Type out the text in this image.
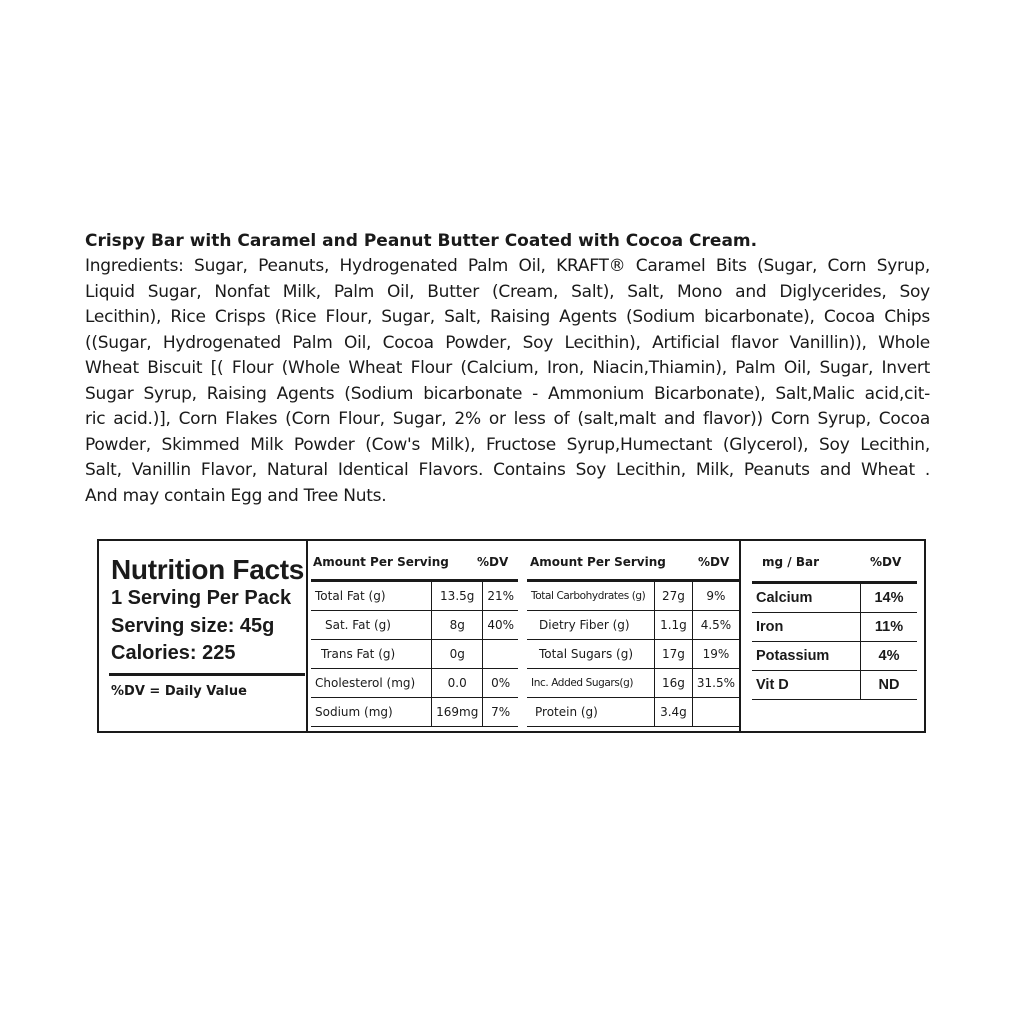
Crispy Bar with Caramel and Peanut Butter Coated with Cocoa Cream.
Ingredients: Sugar, Peanuts, Hydrogenated Palm Oil, KRAFT® Caramel Bits (Sugar, Corn Syrup,
Liquid Sugar, Nonfat Milk, Palm Oil, Butter (Cream, Salt), Salt, Mono and Diglycerides, Soy
Lecithin), Rice Crisps (Rice Flour, Sugar, Salt, Raising Agents (Sodium bicarbonate), Cocoa Chips
((Sugar, Hydrogenated Palm Oil, Cocoa Powder, Soy Lecithin), Artificial flavor Vanillin)), Whole
Wheat Biscuit [( Flour (Whole Wheat Flour (Calcium, Iron, Niacin,Thiamin), Palm Oil, Sugar, Invert
Sugar Syrup, Raising Agents (Sodium bicarbonate - Ammonium Bicarbonate), Salt,Malic acid,cit-
ric acid.)], Corn Flakes (Corn Flour, Sugar, 2% or less of (salt,malt and flavor)) Corn Syrup, Cocoa
Powder, Skimmed Milk Powder (Cow's Milk), Fructose Syrup,Humectant (Glycerol), Soy Lecithin,
Salt, Vanillin Flavor, Natural Identical Flavors. Contains Soy Lecithin, Milk, Peanuts and Wheat .
And may contain Egg and Tree Nuts.
Nutrition Facts
1 Serving Per Pack
Serving size: 45g
Calories: 225
%DV = Daily Value
Amount Per Serving %DV
Total Fat (g)	13.5g	21%
Sat. Fat (g)	8g	40%
Trans Fat (g)	0g	
Cholesterol (mg)	0.0	0%
Sodium (mg)	169mg	7%
Amount Per Serving	%DV
Total Carbohydrates (g)	27g	9%
Dietry Fiber (g)	1.1g	4.5%
Total Sugars (g)	17g	19%
Inc. Added Sugars(g)	16g	31.5%
Protein (g)	3.4g	
mg / Bar	%DV
Calcium	14%
Iron	11%
Potassium	4%
Vit D	ND
